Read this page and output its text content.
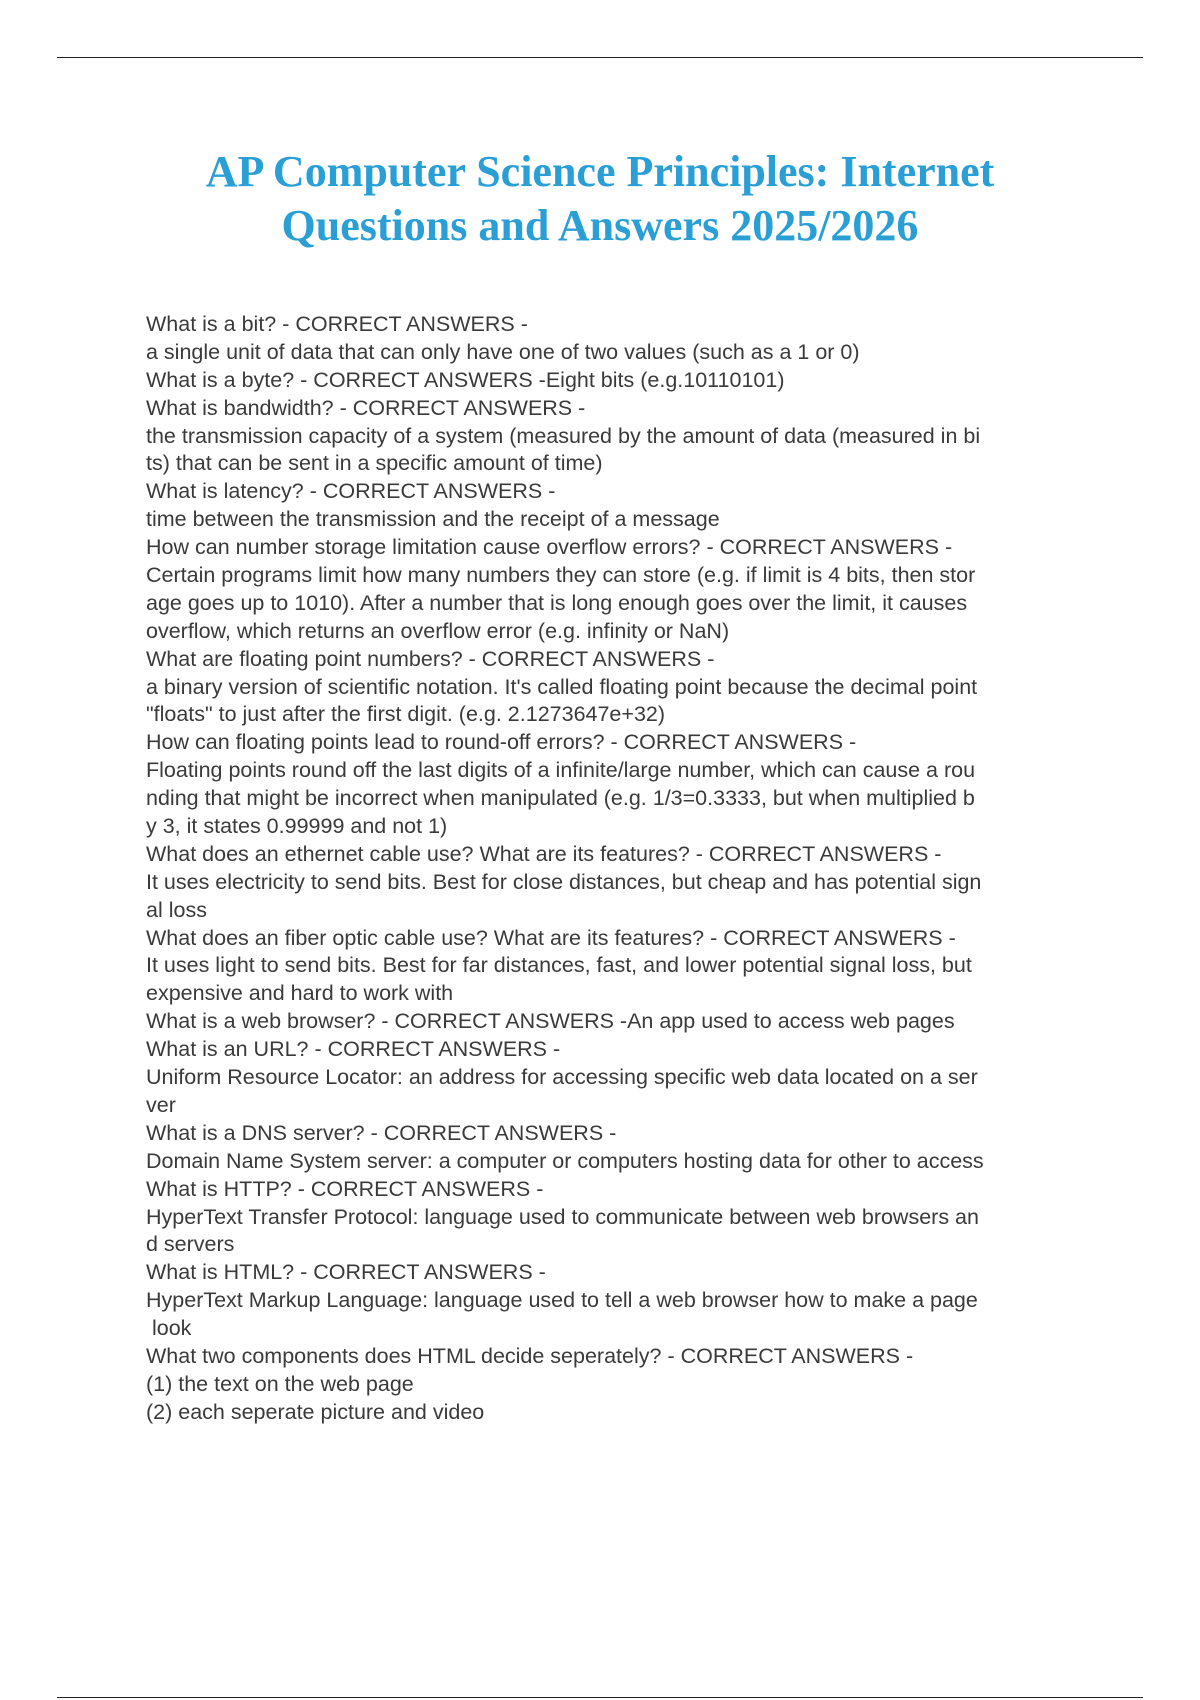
AP Computer Science Principles: Internet
Questions and Answers 2025/2026
What is a bit? - CORRECT ANSWERS -
a single unit of data that can only have one of two values (such as a 1 or 0)
What is a byte? - CORRECT ANSWERS -Eight bits (e.g.10110101)
What is bandwidth? - CORRECT ANSWERS -
the transmission capacity of a system (measured by the amount of data (measured in bi
ts) that can be sent in a specific amount of time)
What is latency? - CORRECT ANSWERS -
time between the transmission and the receipt of a message
How can number storage limitation cause overflow errors? - CORRECT ANSWERS -
Certain programs limit how many numbers they can store (e.g. if limit is 4 bits, then stor
age goes up to 1010). After a number that is long enough goes over the limit, it causes
overflow, which returns an overflow error (e.g. infinity or NaN)
What are floating point numbers? - CORRECT ANSWERS -
a binary version of scientific notation. It's called floating point because the decimal point
"floats" to just after the first digit. (e.g. 2.1273647e+32)
How can floating points lead to round-off errors? - CORRECT ANSWERS -
Floating points round off the last digits of a infinite/large number, which can cause a rou
nding that might be incorrect when manipulated (e.g. 1/3=0.3333, but when multiplied b
y 3, it states 0.99999 and not 1)
What does an ethernet cable use? What are its features? - CORRECT ANSWERS -
It uses electricity to send bits. Best for close distances, but cheap and has potential sign
al loss
What does an fiber optic cable use? What are its features? - CORRECT ANSWERS -
It uses light to send bits. Best for far distances, fast, and lower potential signal loss, but
expensive and hard to work with
What is a web browser? - CORRECT ANSWERS -An app used to access web pages
What is an URL? - CORRECT ANSWERS -
Uniform Resource Locator: an address for accessing specific web data located on a ser
ver
What is a DNS server? - CORRECT ANSWERS -
Domain Name System server: a computer or computers hosting data for other to access
What is HTTP? - CORRECT ANSWERS -
HyperText Transfer Protocol: language used to communicate between web browsers an
d servers
What is HTML? - CORRECT ANSWERS -
HyperText Markup Language: language used to tell a web browser how to make a page
look
What two components does HTML decide seperately? - CORRECT ANSWERS -
(1) the text on the web page
(2) each seperate picture and video
